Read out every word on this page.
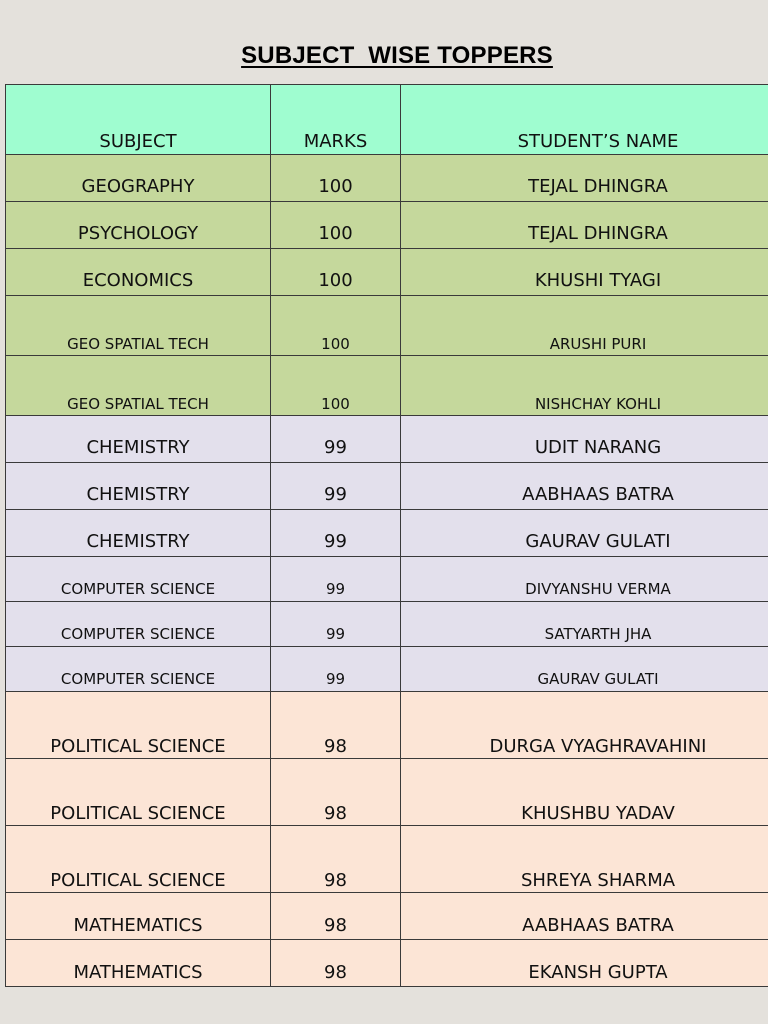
SUBJECT  WISE TOPPERS
SUBJECT	MARKS	STUDENT’S NAME
GEOGRAPHY	100	TEJAL DHINGRA
PSYCHOLOGY	100	TEJAL DHINGRA
ECONOMICS	100	KHUSHI TYAGI
GEO SPATIAL TECH	100	ARUSHI PURI
GEO SPATIAL TECH	100	NISHCHAY KOHLI
CHEMISTRY	99	UDIT NARANG
CHEMISTRY	99	AABHAAS BATRA
CHEMISTRY	99	GAURAV GULATI
COMPUTER SCIENCE	99	DIVYANSHU VERMA
COMPUTER SCIENCE	99	SATYARTH JHA
COMPUTER SCIENCE	99	GAURAV GULATI
POLITICAL SCIENCE	98	DURGA VYAGHRAVAHINI
POLITICAL SCIENCE	98	KHUSHBU YADAV
POLITICAL SCIENCE	98	SHREYA SHARMA
MATHEMATICS	98	AABHAAS BATRA
MATHEMATICS	98	EKANSH GUPTA
